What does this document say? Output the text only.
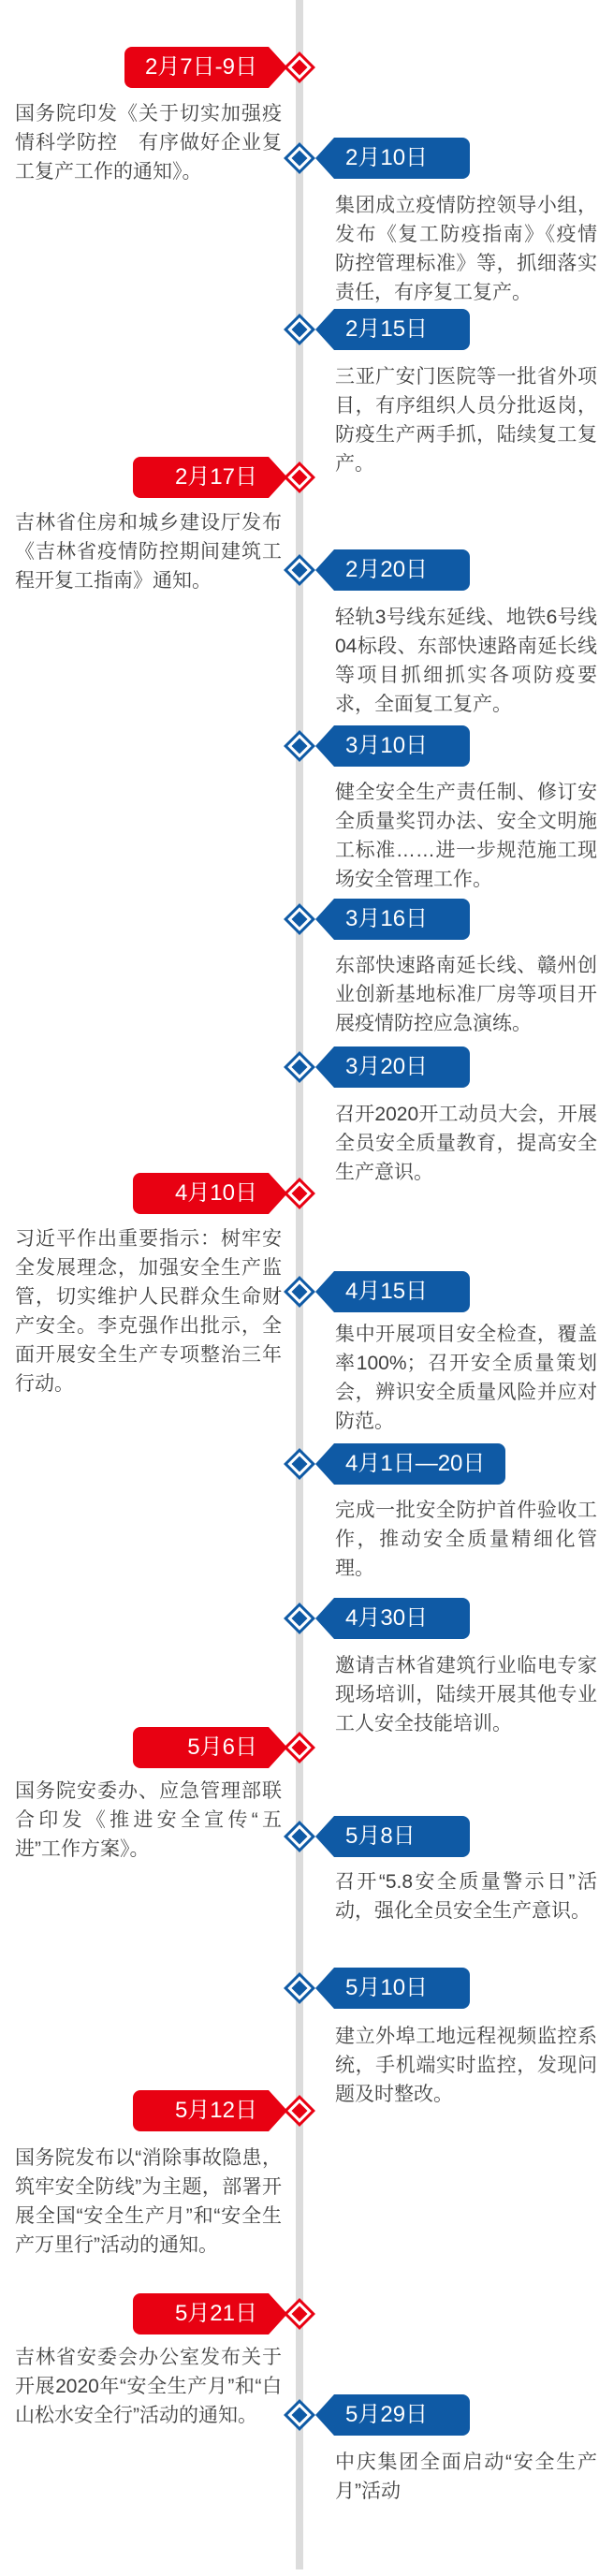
2月7日-9日
国务院印发《关于切实加强疫情科学防控　有序做好企业复工复产工作的通知》。
2月10日
集团成立疫情防控领导小组，发布《复工防疫指南》《疫情防控管理标准》等，抓细落实责任，有序复工复产。
2月15日
三亚广安门医院等一批省外项目，有序组织人员分批返岗，防疫生产两手抓，陆续复工复产。
2月17日
吉林省住房和城乡建设厅发布《吉林省疫情防控期间建筑工程开复工指南》通知。	2月20日
轻轨3号线东延线、地铁6号线04标段、东部快速路南延长线等项目抓细抓实各项防疫要求，全面复工复产。
3月10日
健全安全生产责任制、修订安全质量奖罚办法、安全文明施工标准……进一步规范施工现场安全管理工作。
3月16日
东部快速路南延长线、赣州创业创新基地标准厂房等项目开展疫情防控应急演练。
3月20日
召开2020开工动员大会，开展全员安全质量教育，提高安全生产意识。
4月10日
习近平作出重要指示：树牢安全发展理念，加强安全生产监管，切实维护人民群众生命财产安全。李克强作出批示，全面开展安全生产专项整治三年行动。
4月15日
集中开展项目安全检查，覆盖率100%；召开安全质量策划会，辨识安全质量风险并应对防范。
4月1日—20日
完成一批安全防护首件验收工作，推动安全质量精细化管理。
4月30日
邀请吉林省建筑行业临电专家现场培训，陆续开展其他专业工人安全技能培训。
5月6日
国务院安委办、应急管理部联合印发《推进安全宣传“五进”工作方案》。
5月8日
召开“5.8安全质量警示日”活动，强化全员安全生产意识。
5月10日
建立外埠工地远程视频监控系统，手机端实时监控，发现问题及时整改。
5月12日
国务院发布以“消除事故隐患，筑牢安全防线”为主题，部署开展全国“安全生产月”和“安全生产万里行”活动的通知。
5月21日
吉林省安委会办公室发布关于开展2020年“安全生产月”和“白山松水安全行”活动的通知。	5月29日
中庆集团全面启动“安全生产月”活动
